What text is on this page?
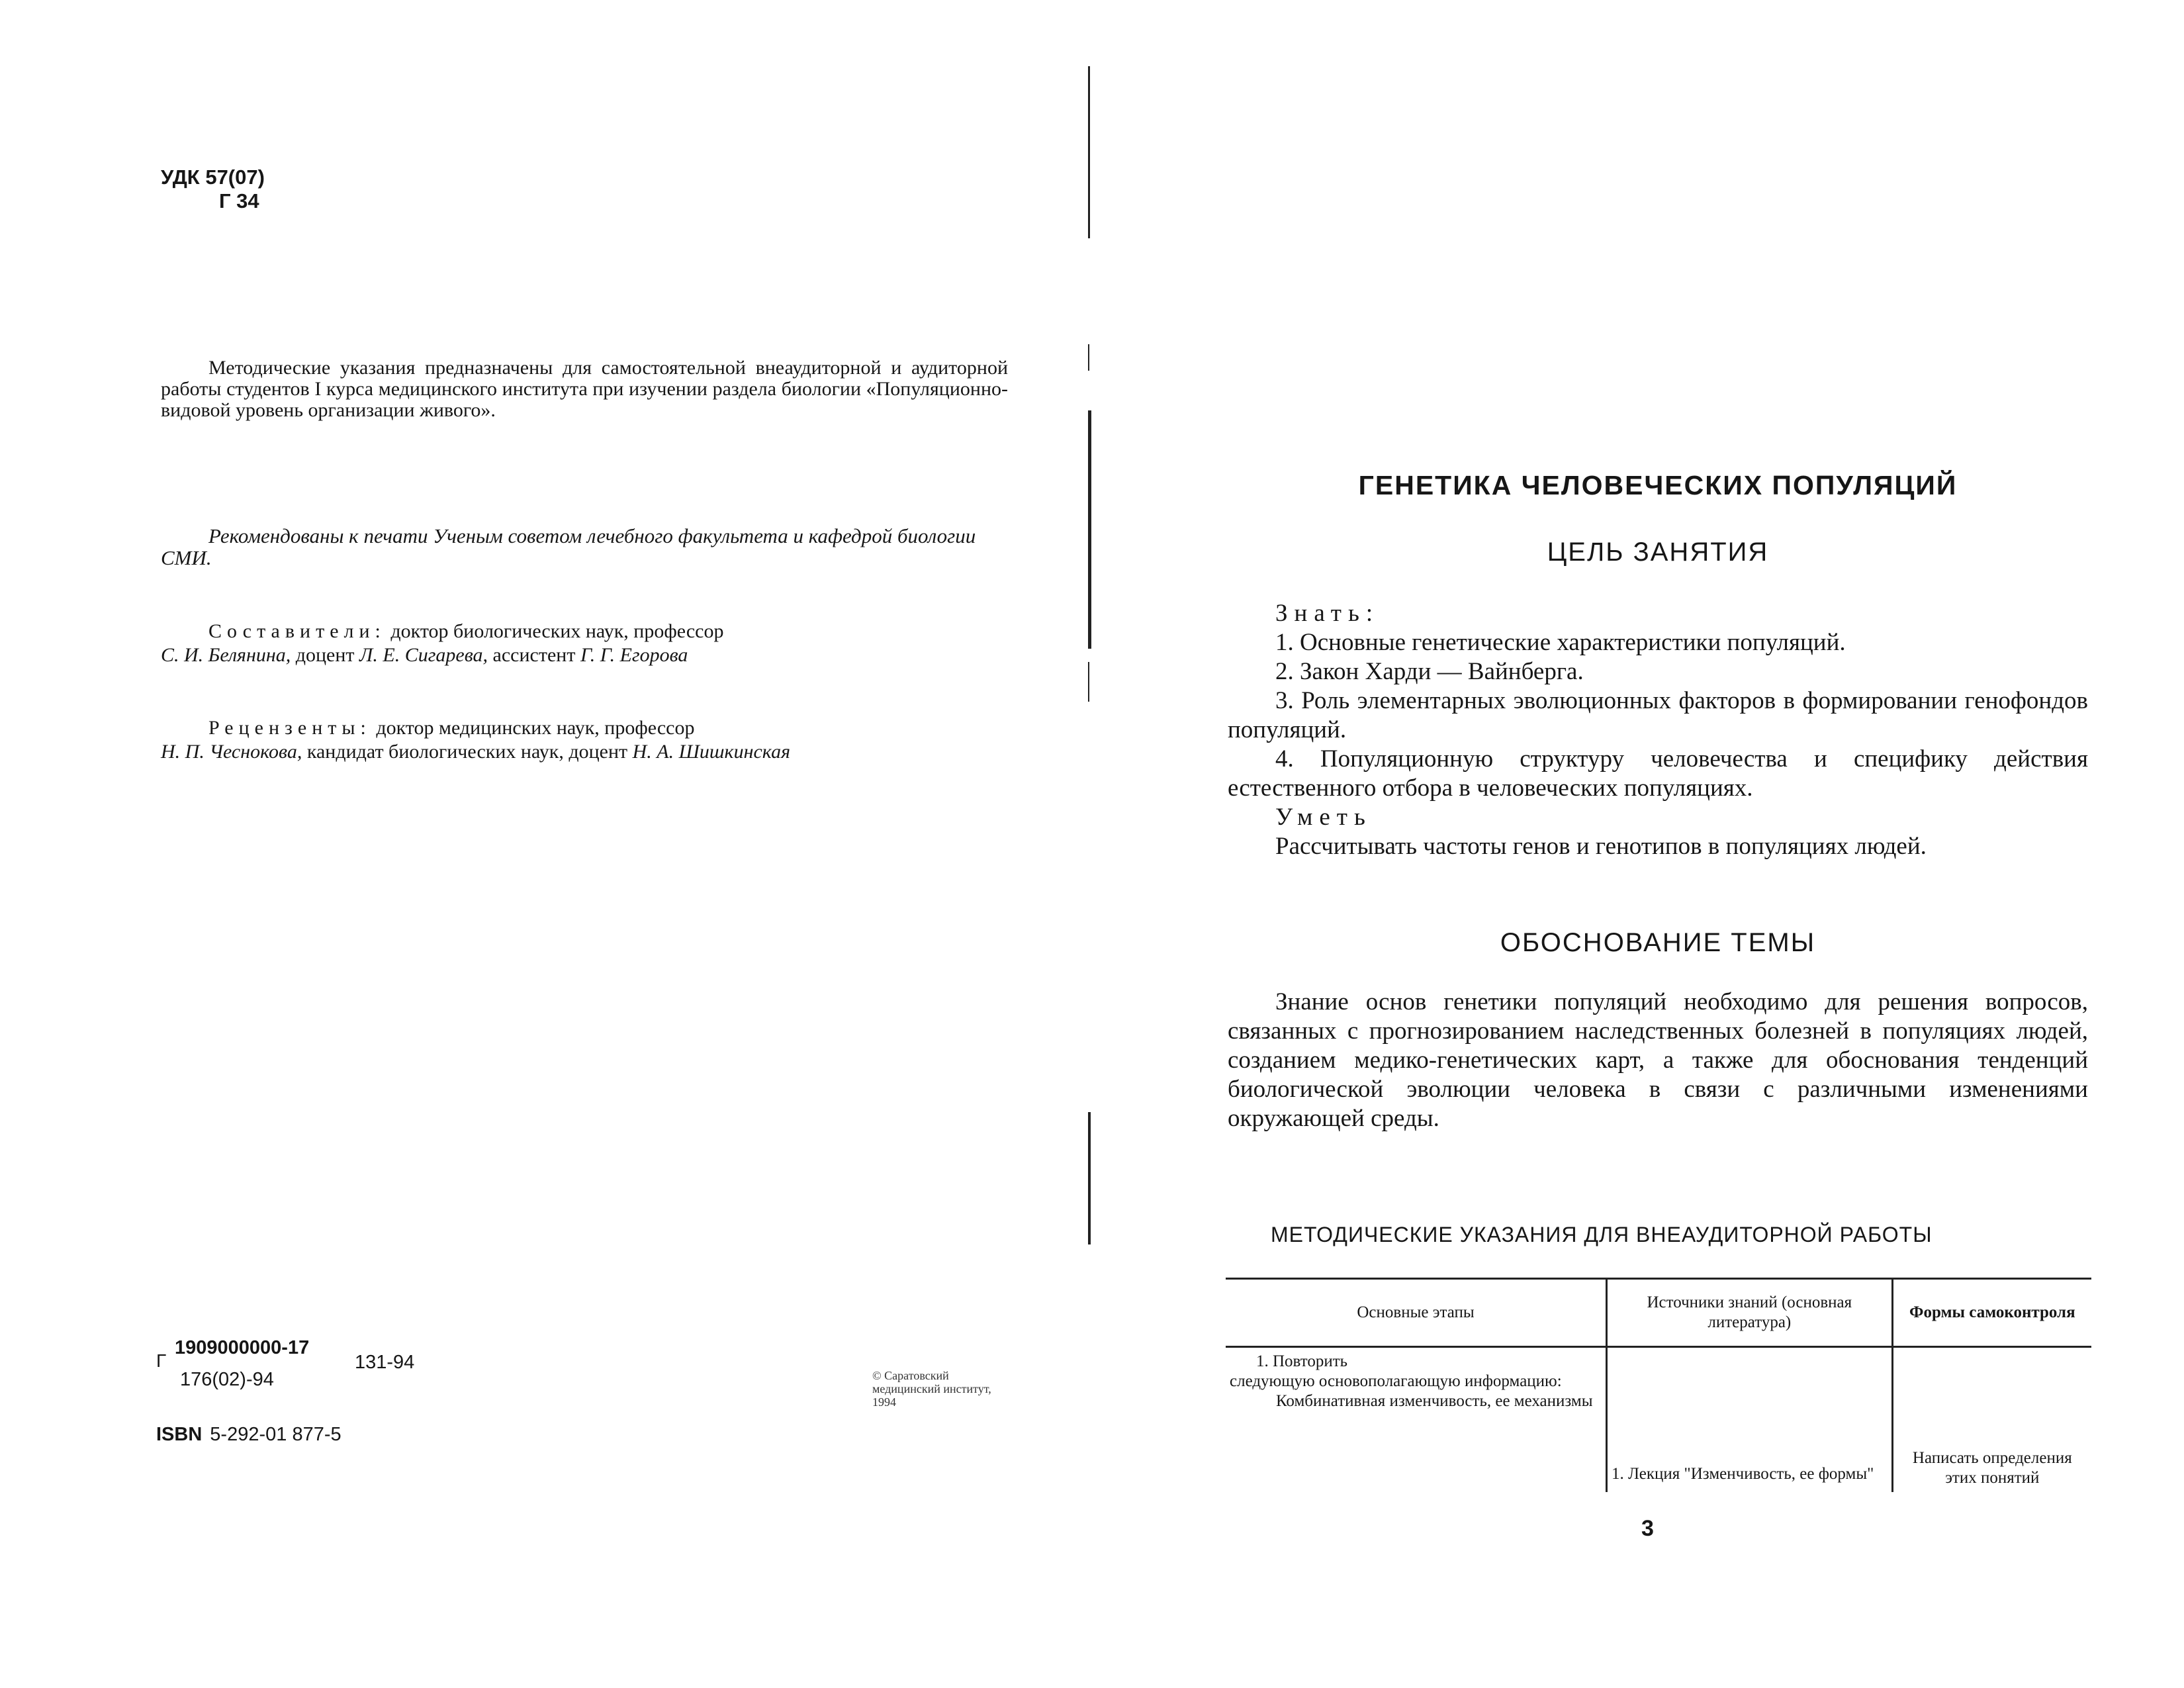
УДК 57(07)
Г 34

Методические указания предназначены для самостоятельной внеаудиторной и аудиторной работы студентов I курса медицинского института при изучении раздела биологии «Популяционно-видовой уровень организации живого».

Рекомендованы к печати Ученым советом лечебного факультета и кафедрой биологии СМИ.

Составители: доктор биологических наук, профессор
С. И. Белянина, доцент Л. Е. Сигарева, ассистент Г. Г. Егорова

Рецензенты: доктор медицинских наук, профессор
Н. П. Чеснокова, кандидат биологических наук, доцент Н. А. Шишкинская

Г
1909000000-17
176(02)-94
131-94
ISBN 5-292-01 877-5
© Саратовский медицинский институт, 1994
ГЕНЕТИКА ЧЕЛОВЕЧЕСКИХ ПОПУЛЯЦИЙ
ЦЕЛЬ ЗАНЯТИЯ

Знать:

1. Основные генетические характеристики популяций.

2. Закон Харди — Вайнберга.

3. Роль элементарных эволюционных факторов в формировании генофондов популяций.

4. Популяционную структуру человечества и специфику действия естественного отбора в человеческих популяциях.

Уметь

Рассчитывать частоты генов и генотипов в популяциях людей.

ОБОСНОВАНИЕ ТЕМЫ

Знание основ генетики популяций необходимо для решения вопросов, связанных с прогнозированием наследственных болезней в популяциях людей, созданием медико-генетических карт, а также для обоснования тенденций биологической эволюции человека в связи с различными изменениями окружающей среды.

МЕТОДИЧЕСКИЕ УКАЗАНИЯ ДЛЯ ВНЕАУДИТОРНОЙ РАБОТЫ
Основные этапы	Источники знаний (основная литература)	Формы самоконтроля

1. Повторить
следующую основополагающую информацию:
Комбинативная изменчивость, ее механизмы	1. Лекция "Изменчивость, ее формы"	Написать определения этих понятий
3
